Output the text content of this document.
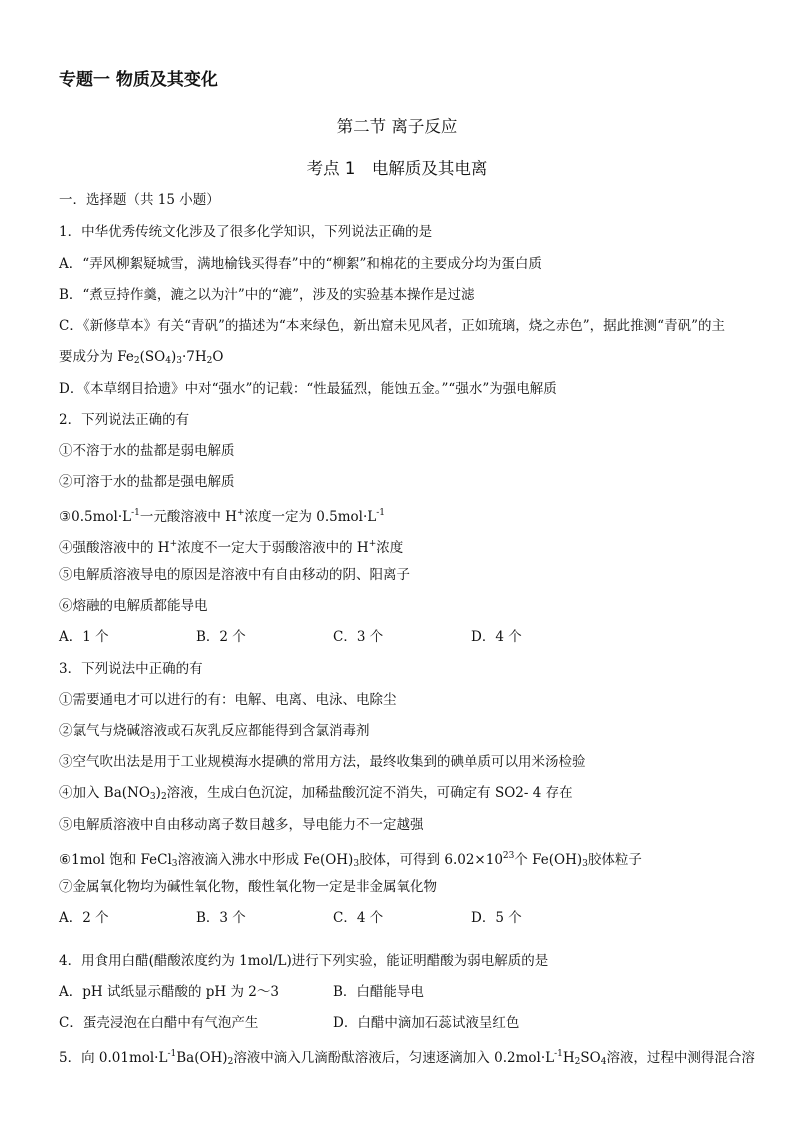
专题一 物质及其变化
第二节 离子反应
考点 1　电解质及其电离
一．选择题（共 15 小题）
1．中华优秀传统文化涉及了很多化学知识，下列说法正确的是
A．“弄风柳絮疑城雪，满地榆钱买得春”中的“柳絮”和棉花的主要成分均为蛋白质
B．“煮豆持作羹，漉之以为汁”中的“漉”，涉及的实验基本操作是过滤
C．《新修草本》有关“青矾”的描述为“本来绿色，新出窟未见风者，正如琉璃，烧之赤色”，据此推测“青矾”的主
要成分为 $Fe_2(SO_4)_3\cdot 7H_2O$
D．《本草纲目拾遗》中对“强水”的记载：“性最猛烈，能蚀五金。”“强水”为强电解质
2．下列说法正确的有
①不溶于水的盐都是弱电解质
②可溶于水的盐都是强电解质
$③0.5mol\cdot L^{-1}$一元酸溶液中 H+浓度一定为 $0.5mol\cdot L^{-1}$
④强酸溶液中的 H+浓度不一定大于弱酸溶液中的 H+浓度
⑤电解质溶液导电的原因是溶液中有自由移动的阴、阳离子
⑥熔融的电解质都能导电
A．1 个	B．2 个	C．3 个	D．4 个
3．下列说法中正确的有
①需要通电才可以进行的有：电解、电离、电泳、电除尘
②氯气与烧碱溶液或石灰乳反应都能得到含氯消毒剂
③空气吹出法是用于工业规模海水提碘的常用方法，最终收集到的碘单质可以用米汤检验
④加入 $Ba(NO_3)_2$溶液，生成白色沉淀，加稀盐酸沉淀不消失，可确定有 SO2- 4 存在
⑤电解质溶液中自由移动离子数目越多，导电能力不一定越强
⑥1mol 饱和 FeCl$_3$溶液滴入沸水中形成 $Fe(OH)_3$胶体，可得到 $6.02\times 10^{23}$个 $Fe(OH)_3$胶体粒子
⑦金属氧化物均为碱性氧化物，酸性氧化物一定是非金属氧化物
A．2 个	B．3 个	C．4 个	D．5 个
4．用食用白醋(醋酸浓度约为 1mol/L)进行下列实验，能证明醋酸为弱电解质的是
A．pH 试纸显示醋酸的 pH 为 2～3	B．白醋能导电
C．蛋壳浸泡在白醋中有气泡产生	D．白醋中滴加石蕊试液呈红色
5．向 $0.01mol\cdot L^{-1}Ba(OH)_2$溶液中滴入几滴酚酞溶液后，匀速逐滴加入 $0.2mol\cdot L^{-1}H_2SO_4$溶液，过程中测得混合溶
